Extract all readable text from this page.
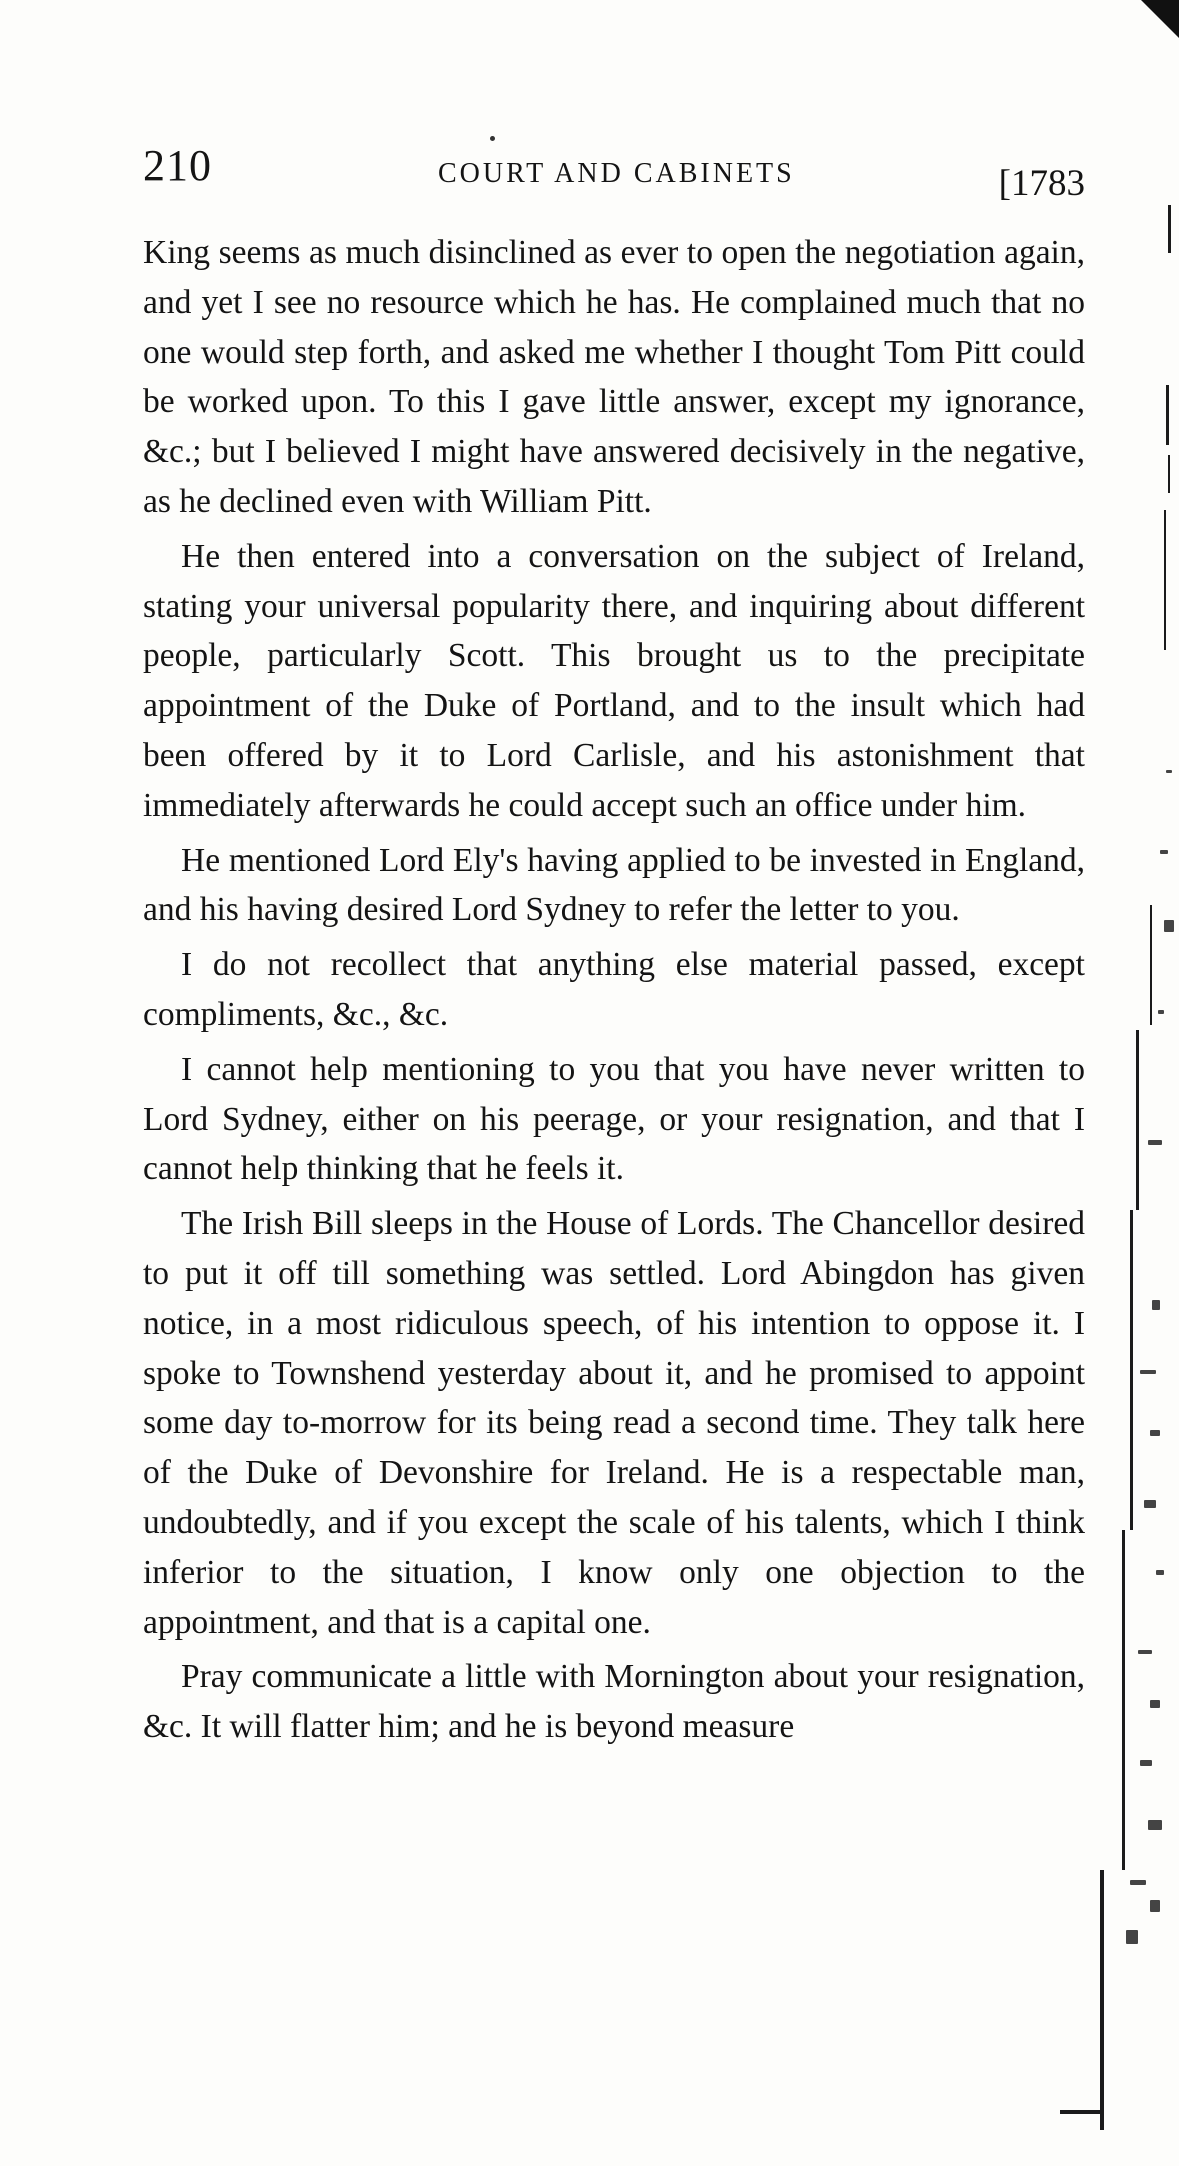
210	COURT AND CABINETS	[1783

King seems as much disinclined as ever to open the negotiation again, and yet I see no resource which he has. He complained much that no one would step forth, and asked me whether I thought Tom Pitt could be worked upon. To this I gave little answer, except my ignorance, &c.; but I believed I might have answered decisively in the negative, as he declined even with William Pitt.

He then entered into a conversation on the subject of Ireland, stating your universal popularity there, and inquiring about different people, particularly Scott. This brought us to the precipitate appointment of the Duke of Portland, and to the insult which had been offered by it to Lord Carlisle, and his astonishment that immediately afterwards he could accept such an office under him.

He mentioned Lord Ely's having applied to be invested in England, and his having desired Lord Sydney to refer the letter to you.

I do not recollect that anything else material passed, except compliments, &c., &c.

I cannot help mentioning to you that you have never written to Lord Sydney, either on his peerage, or your resignation, and that I cannot help thinking that he feels it.

The Irish Bill sleeps in the House of Lords. The Chancellor desired to put it off till something was settled. Lord Abingdon has given notice, in a most ridiculous speech, of his intention to oppose it. I spoke to Townshend yesterday about it, and he promised to appoint some day to-morrow for its being read a second time. They talk here of the Duke of Devonshire for Ireland. He is a respectable man, undoubtedly, and if you except the scale of his talents, which I think inferior to the situation, I know only one objection to the appointment, and that is a capital one.

Pray communicate a little with Mornington about your resignation, &c. It will flatter him; and he is beyond measure
